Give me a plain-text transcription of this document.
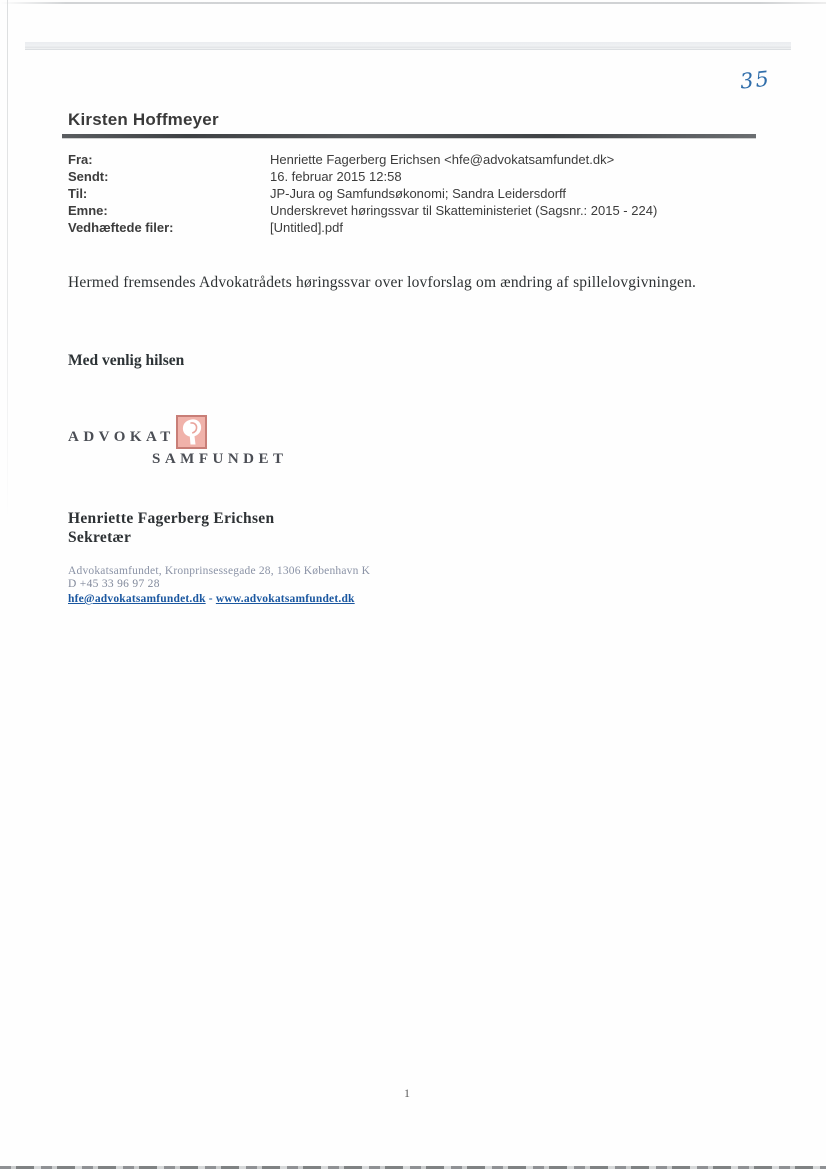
35
Kirsten Hoffmeyer
Fra:	Henriette Fagerberg Erichsen <hfe@advokatsamfundet.dk>
Sendt:	16. februar 2015 12:58
Til:	JP-Jura og Samfundsøkonomi; Sandra Leidersdorff
Emne:	Underskrevet høringssvar til Skatteministeriet (Sagsnr.: 2015 - 224)
Vedhæftede filer:	[Untitled].pdf
Hermed fremsendes Advokatrådets høringssvar over lovforslag om ændring af spillelovgivningen.
Med venlig hilsen
ADVOKAT
SAMFUNDET
Henriette Fagerberg Erichsen
Sekretær
Advokatsamfundet, Kronprinsessegade 28, 1306 København K
D +45 33 96 97 28
hfe@advokatsamfundet.dk - www.advokatsamfundet.dk
1
